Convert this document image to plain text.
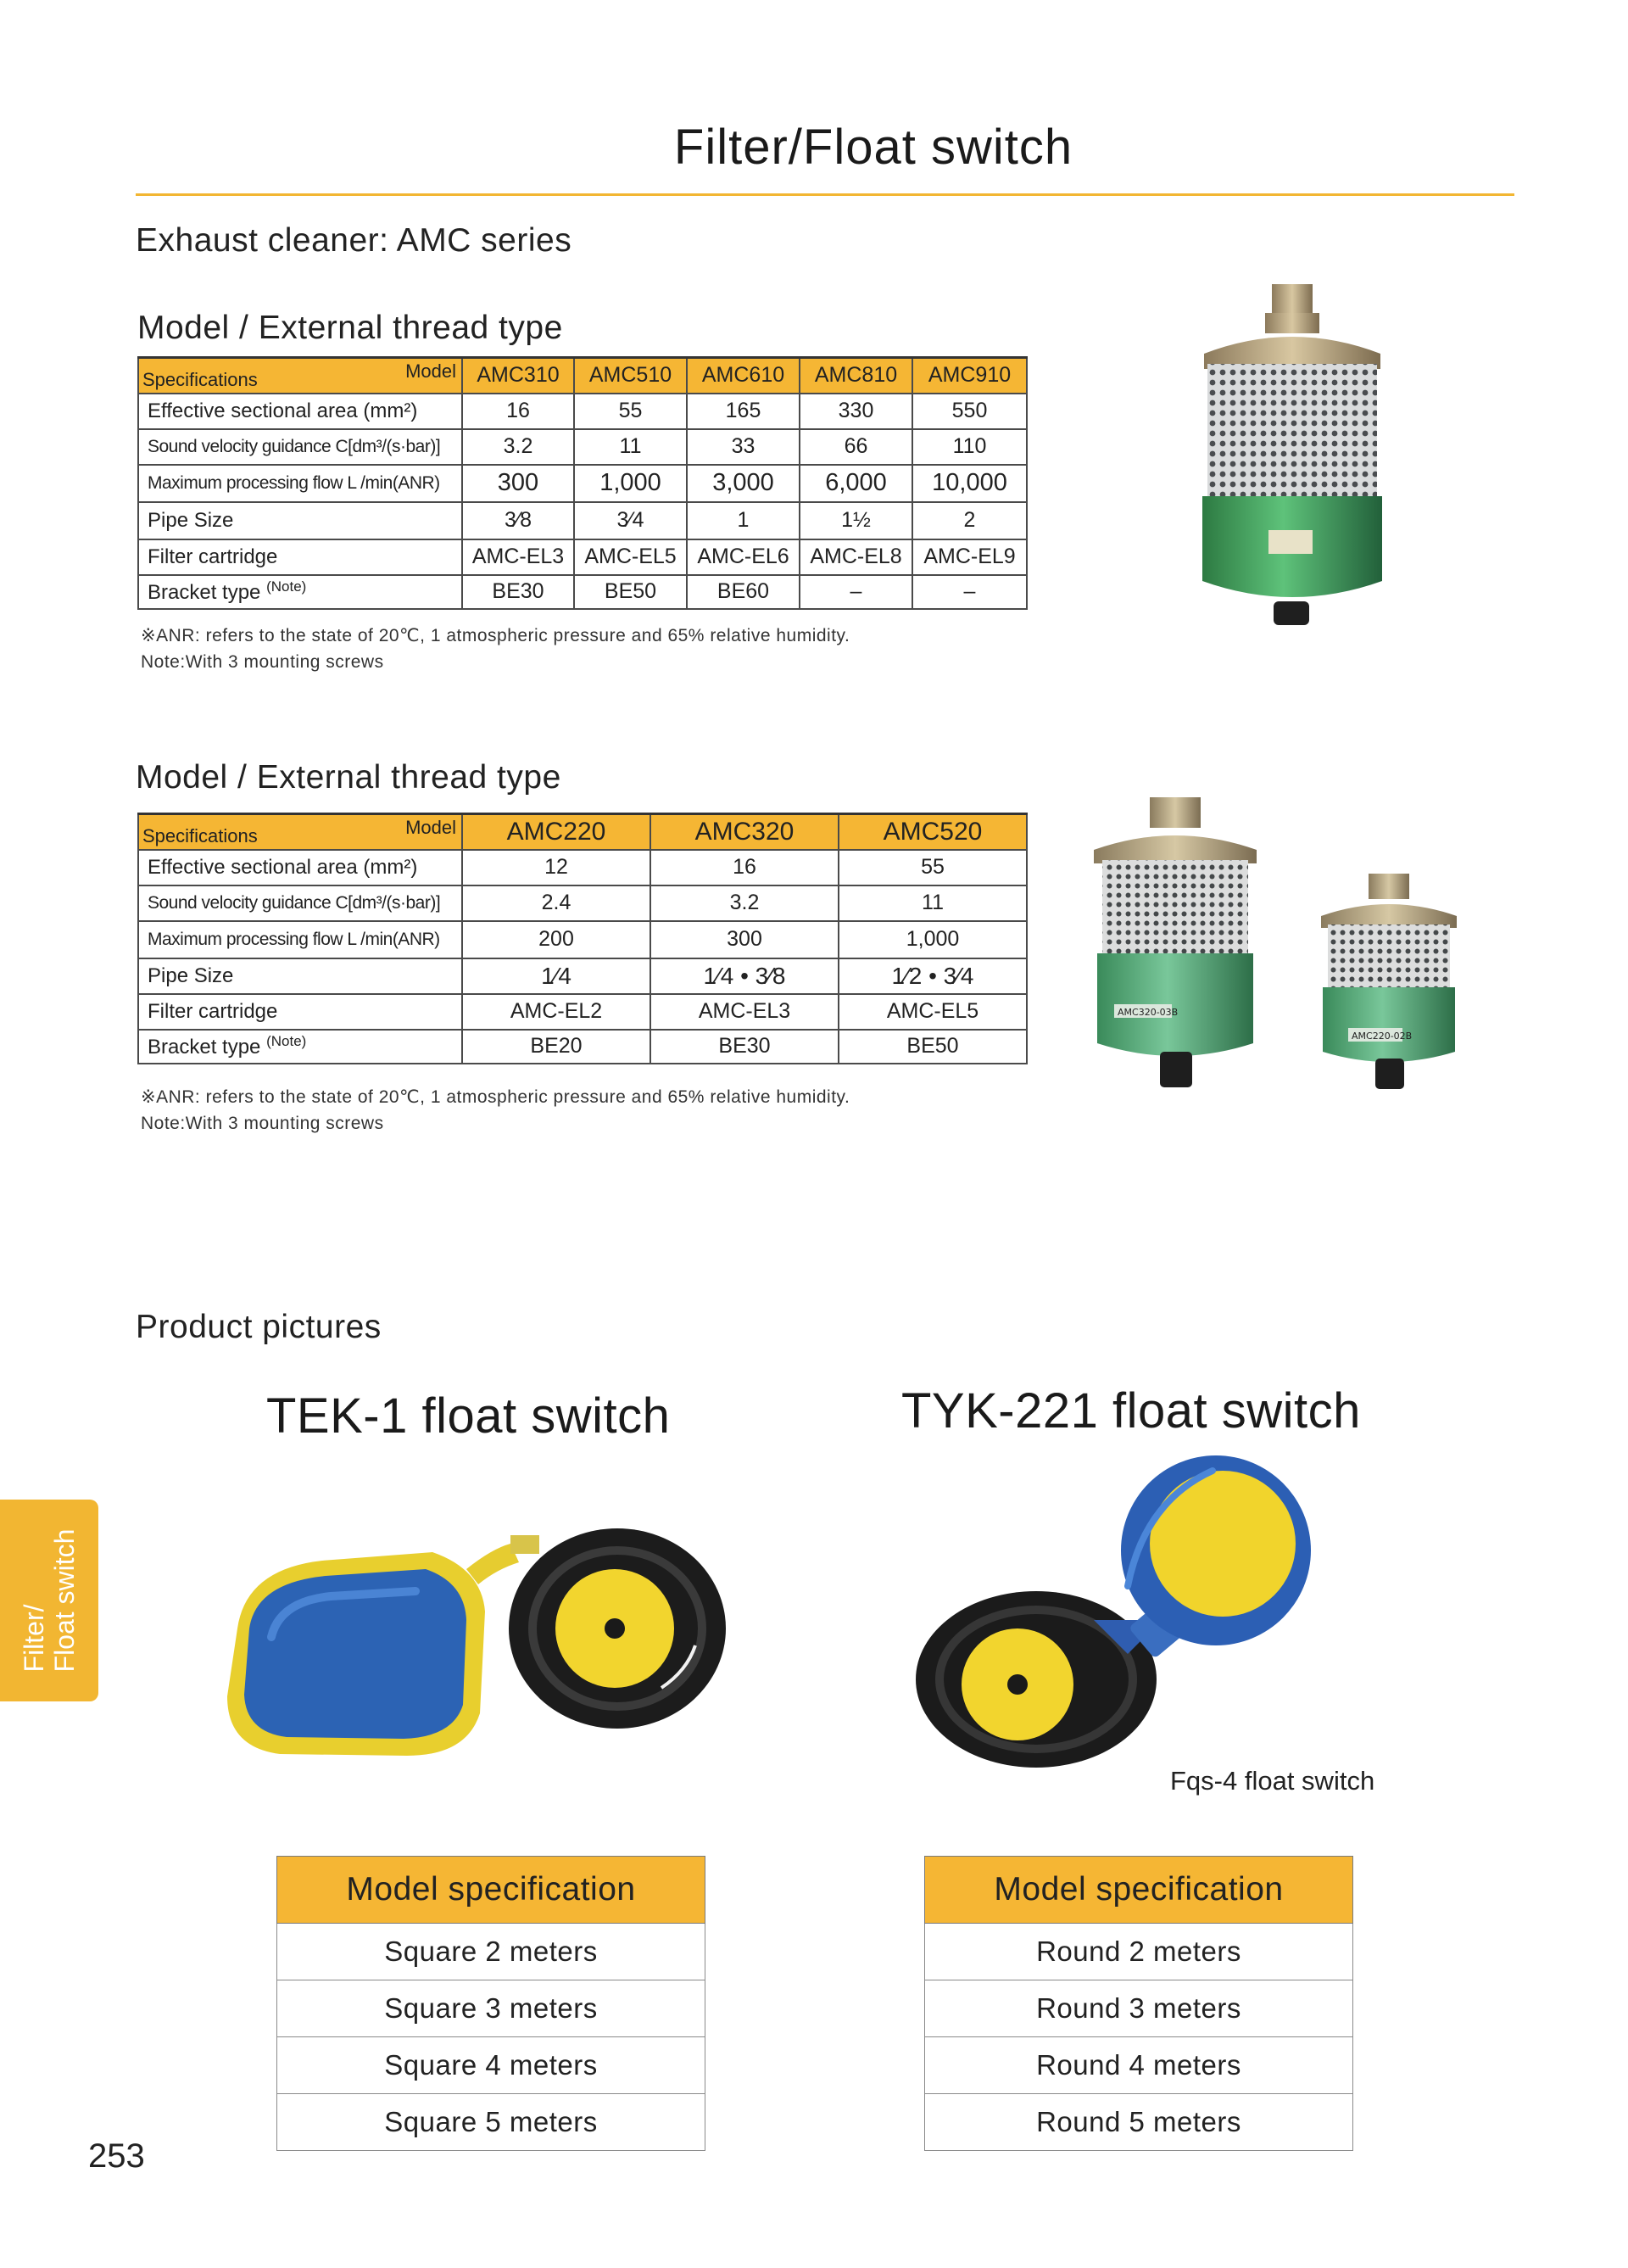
Filter/Float switch
Exhaust cleaner: AMC series
Model / External thread type
Specifications Model	AMC310	AMC510	AMC610	AMC810	AMC910
Effective sectional area (mm²)	16	55	165	330	550
Sound velocity guidance C[dm³/(s·bar)]	3.2	11	33	66	110
Maximum processing flow L /min(ANR)	300	1,000	3,000	6,000	10,000
Pipe Size	3⁄8	3⁄4	1	1½	2
Filter cartridge	AMC-EL3	AMC-EL5	AMC-EL6	AMC-EL8	AMC-EL9
Bracket type $^{(Note)}$	BE30	BE50	BE60	–	–
※ANR: refers to the state of 20℃, 1 atmospheric pressure and 65% relative humidity.
Note:With 3 mounting screws
Model / External thread type
Specifications Model	AMC220	AMC320	AMC520
Effective sectional area (mm²)	12	16	55
Sound velocity guidance C[dm³/(s·bar)]	2.4	3.2	11
Maximum processing flow L /min(ANR)	200	300	1,000
Pipe Size	1⁄4	1⁄4 • 3⁄8	1⁄2 • 3⁄4
Filter cartridge	AMC-EL2	AMC-EL3	AMC-EL5
Bracket type $^{(Note)}$	BE20	BE30	BE50
※ANR: refers to the state of 20℃, 1 atmospheric pressure and 65% relative humidity.
Note:With 3 mounting screws
AMC320-03B
AMC220-02B
Product pictures
Filter/ Float switch
TEK-1 float switch	TYK-221 float switch
Fqs-4 float switch
Model specification
Square 2 meters
Square 3 meters
Square 4 meters
Square 5 meters
Model specification
Round 2 meters
Round 3 meters
Round 4 meters
Round 5 meters
253
